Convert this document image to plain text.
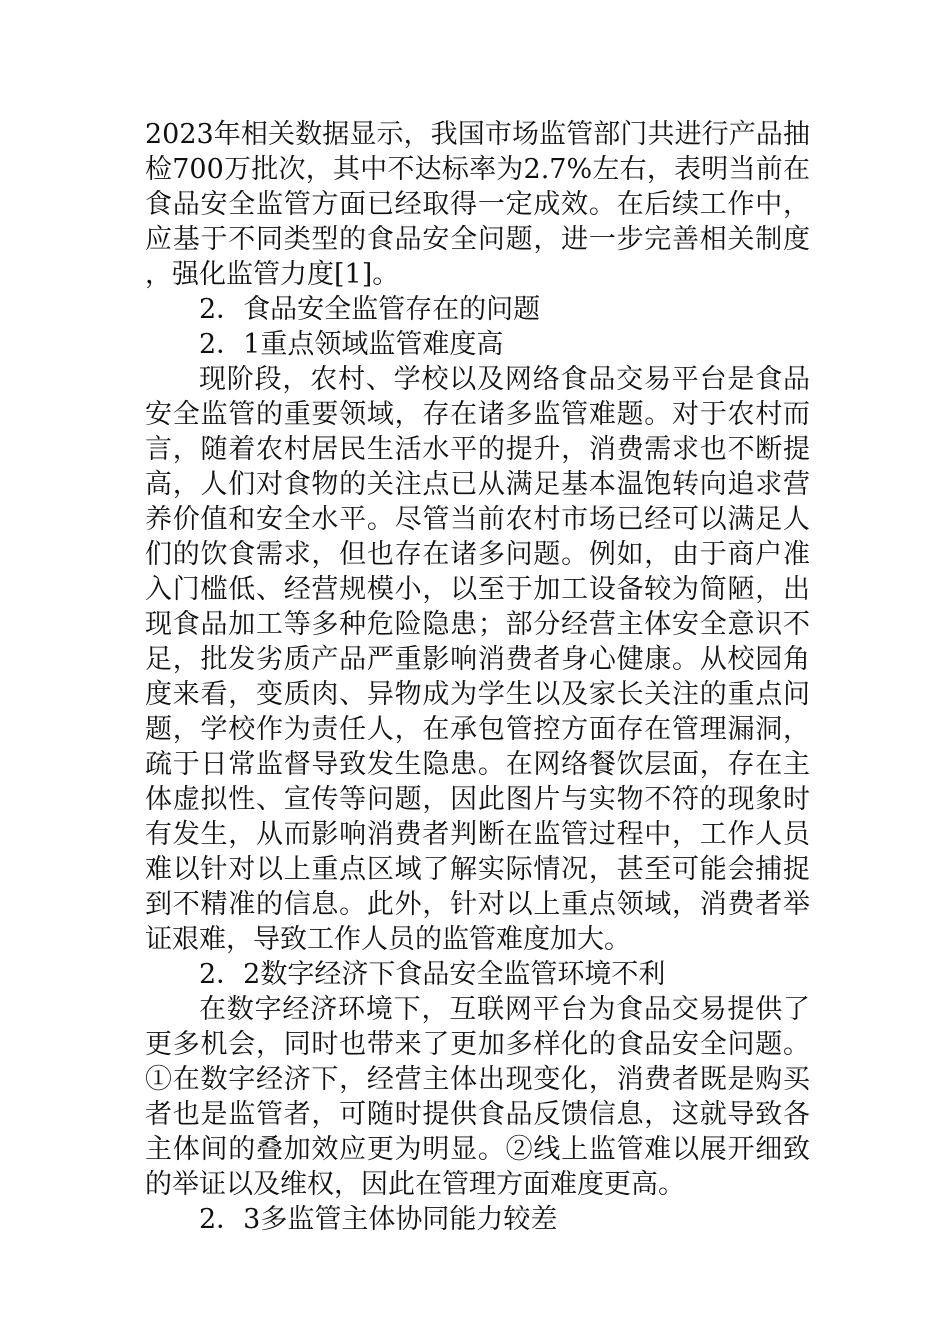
2023年相关数据显示，我国市场监管部门共进行产品抽检700万批次，其中不达标率为2.7%左右，表明当前在食品安全监管方面已经取得一定成效。在后续工作中，应基于不同类型的食品安全问题，进一步完善相关制度，强化监管力度[1]。

2．食品安全监管存在的问题

2．1重点领域监管难度高

现阶段，农村、学校以及网络食品交易平台是食品安全监管的重要领域，存在诸多监管难题。对于农村而言，随着农村居民生活水平的提升，消费需求也不断提高，人们对食物的关注点已从满足基本温饱转向追求营养价值和安全水平。尽管当前农村市场已经可以满足人们的饮食需求，但也存在诸多问题。例如，由于商户准入门槛低、经营规模小，以至于加工设备较为简陋，出现食品加工等多种危险隐患；部分经营主体安全意识不足，批发劣质产品严重影响消费者身心健康。从校园角度来看，变质肉、异物成为学生以及家长关注的重点问题，学校作为责任人，在承包管控方面存在管理漏洞，疏于日常监督导致发生隐患。在网络餐饮层面，存在主体虚拟性、宣传等问题，因此图片与实物不符的现象时有发生，从而影响消费者判断在监管过程中，工作人员难以针对以上重点区域了解实际情况，甚至可能会捕捉到不精准的信息。此外，针对以上重点领域，消费者举证艰难，导致工作人员的监管难度加大。

2．2数字经济下食品安全监管环境不利

在数字经济环境下，互联网平台为食品交易提供了更多机会，同时也带来了更加多样化的食品安全问题。①在数字经济下，经营主体出现变化，消费者既是购买者也是监管者，可随时提供食品反馈信息，这就导致各主体间的叠加效应更为明显。②线上监管难以展开细致的举证以及维权，因此在管理方面难度更高。

2．3多监管主体协同能力较差
